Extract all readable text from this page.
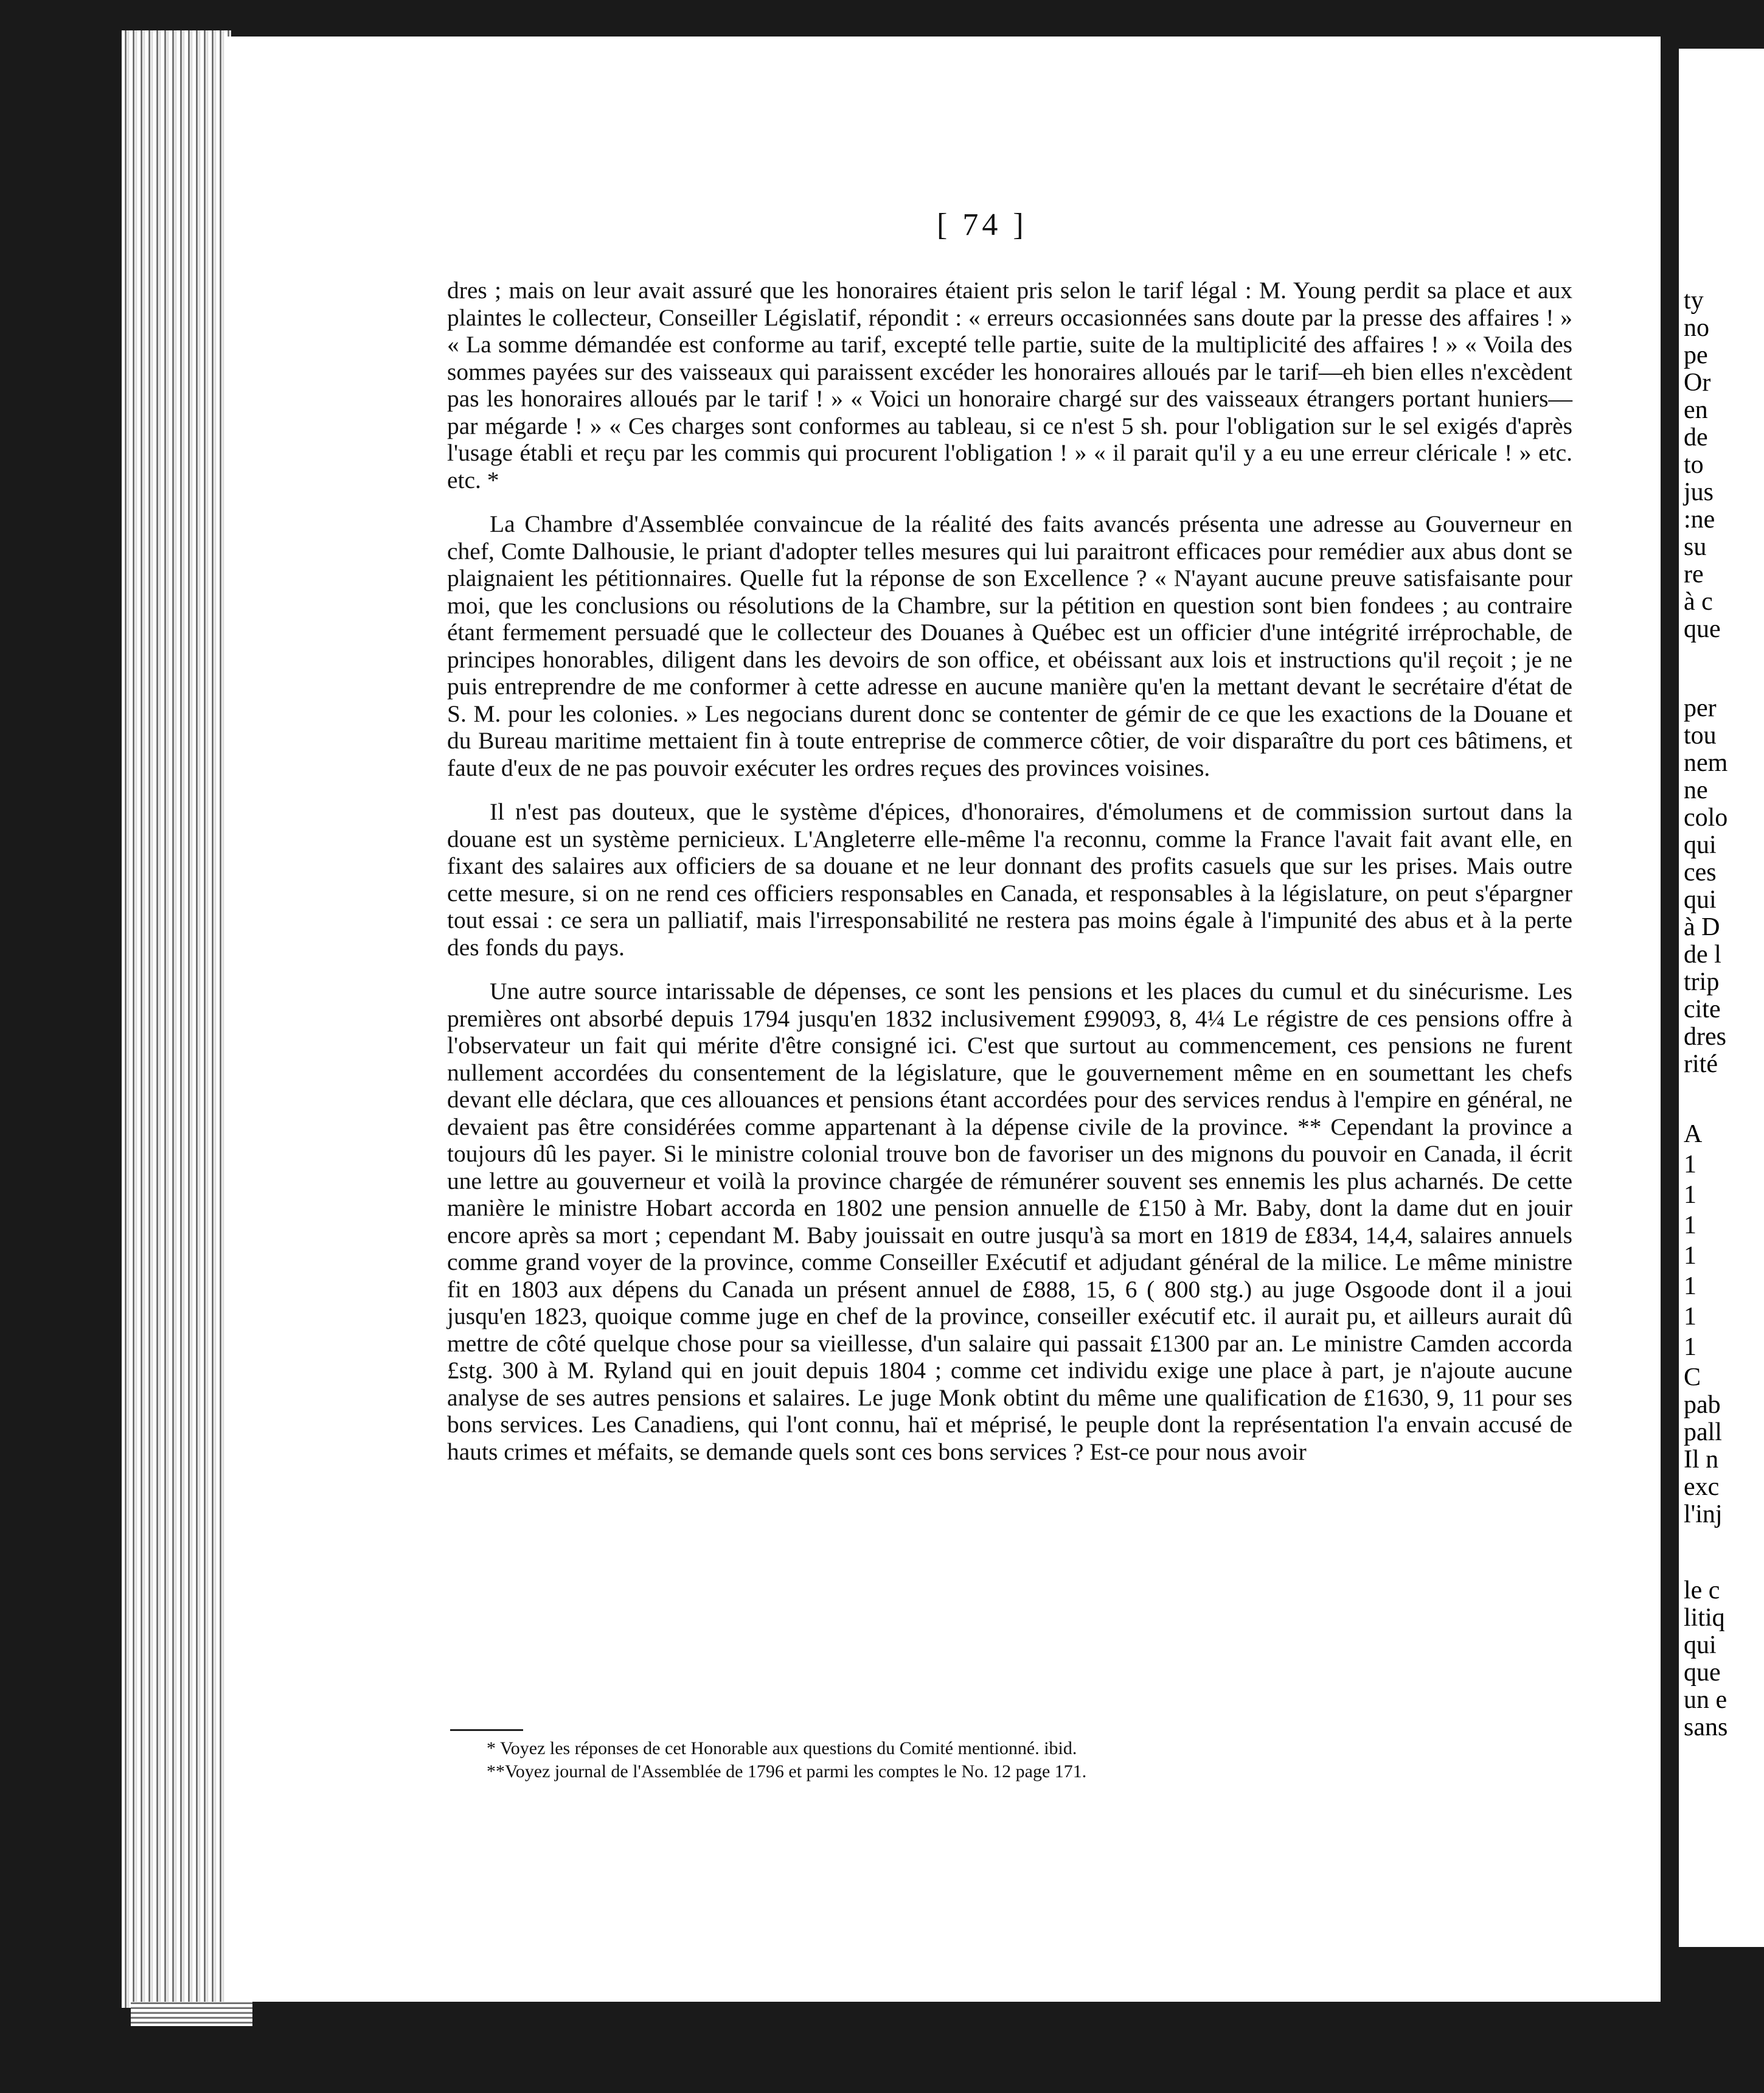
[ 74 ]

dres ; mais on leur avait assuré que les honoraires étaient pris selon le tarif légal : M. Young perdit sa place et aux plaintes le collecteur, Conseiller Législatif, répondit : « erreurs occasionnées sans doute par la presse des affaires ! » « La somme démandée est conforme au tarif, excepté telle partie, suite de la multiplicité des affaires ! » « Voila des sommes payées sur des vaisseaux qui paraissent excéder les honoraires alloués par le tarif—eh bien elles n'excèdent pas les honoraires alloués par le tarif ! » « Voici un honoraire chargé sur des vaisseaux étrangers portant huniers—par mégarde ! » « Ces charges sont conformes au tableau, si ce n'est 5 sh. pour l'obligation sur le sel exigés d'après l'usage établi et reçu par les commis qui procurent l'obligation ! » « il parait qu'il y a eu une erreur cléricale ! » etc. etc. *

La Chambre d'Assemblée convaincue de la réalité des faits avancés présenta une adresse au Gouverneur en chef, Comte Dalhousie, le priant d'adopter telles mesures qui lui paraitront efficaces pour remédier aux abus dont se plaignaient les pétitionnaires. Quelle fut la réponse de son Excellence ? « N'ayant aucune preuve satisfaisante pour moi, que les conclusions ou résolutions de la Chambre, sur la pétition en question sont bien fondees ; au contraire étant fermement persuadé que le collecteur des Douanes à Québec est un officier d'une intégrité irréprochable, de principes honorables, diligent dans les devoirs de son office, et obéissant aux lois et instructions qu'il reçoit ; je ne puis entreprendre de me conformer à cette adresse en aucune manière qu'en la mettant devant le secrétaire d'état de S. M. pour les colonies. » Les negocians durent donc se contenter de gémir de ce que les exactions de la Douane et du Bureau maritime mettaient fin à toute entreprise de commerce côtier, de voir disparaître du port ces bâtimens, et faute d'eux de ne pas pouvoir exécuter les ordres reçues des provinces voisines.

Il n'est pas douteux, que le système d'épices, d'honoraires, d'émolumens et de commission surtout dans la douane est un système pernicieux. L'Angleterre elle-même l'a reconnu, comme la France l'avait fait avant elle, en fixant des salaires aux officiers de sa douane et ne leur donnant des profits casuels que sur les prises. Mais outre cette mesure, si on ne rend ces officiers responsables en Canada, et responsables à la législature, on peut s'épargner tout essai : ce sera un palliatif, mais l'irresponsabilité ne restera pas moins égale à l'impunité des abus et à la perte des fonds du pays.

Une autre source intarissable de dépenses, ce sont les pensions et les places du cumul et du sinécurisme. Les premières ont absorbé depuis 1794 jusqu'en 1832 inclusivement £99093, 8, 4¼ Le régistre de ces pensions offre à l'observateur un fait qui mérite d'être consigné ici. C'est que surtout au commencement, ces pensions ne furent nullement accordées du consentement de la législature, que le gouvernement même en en soumettant les chefs devant elle déclara, que ces allouances et pensions étant accordées pour des services rendus à l'empire en général, ne devaient pas être considérées comme appartenant à la dépense civile de la province. ** Cependant la province a toujours dû les payer. Si le ministre colonial trouve bon de favoriser un des mignons du pouvoir en Canada, il écrit une lettre au gouverneur et voilà la province chargée de rémunérer souvent ses ennemis les plus acharnés. De cette manière le ministre Hobart accorda en 1802 une pension annuelle de £150 à Mr. Baby, dont la dame dut en jouir encore après sa mort ; cependant M. Baby jouissait en outre jusqu'à sa mort en 1819 de £834, 14,4, salaires annuels comme grand voyer de la province, comme Conseiller Exécutif et adjudant général de la milice. Le même ministre fit en 1803 aux dépens du Canada un présent annuel de £888, 15, 6 ( 800 stg.) au juge Osgoode dont il a joui jusqu'en 1823, quoique comme juge en chef de la province, conseiller exécutif etc. il aurait pu, et ailleurs aurait dû mettre de côté quelque chose pour sa vieillesse, d'un salaire qui passait £1300 par an. Le ministre Camden accorda £stg. 300 à M. Ryland qui en jouit depuis 1804 ; comme cet individu exige une place à part, je n'ajoute aucune analyse de ses autres pensions et salaires. Le juge Monk obtint du même une qualification de £1630, 9, 11 pour ses bons services. Les Canadiens, qui l'ont connu, haï et méprisé, le peuple dont la représentation l'a envain accusé de hauts crimes et méfaits, se demande quels sont ces bons services ? Est-ce pour nous avoir

* Voyez les réponses de cet Honorable aux questions du Comité mentionné. ibid.
**Voyez journal de l'Assemblée de 1796 et parmi les comptes le No. 12 page 171.
ty
no
pe
Or
en
de
to
jus
:ne
su
re
à c
que
per
tou
nem
ne
colo
qui
ces
qui
à D
de l
trip
cite
dres
rité
A
1
1
1
1
1
1
1
C
pab
pall
Il n
exc
l'inj
le c
litiq
qui
que
un e
sans
